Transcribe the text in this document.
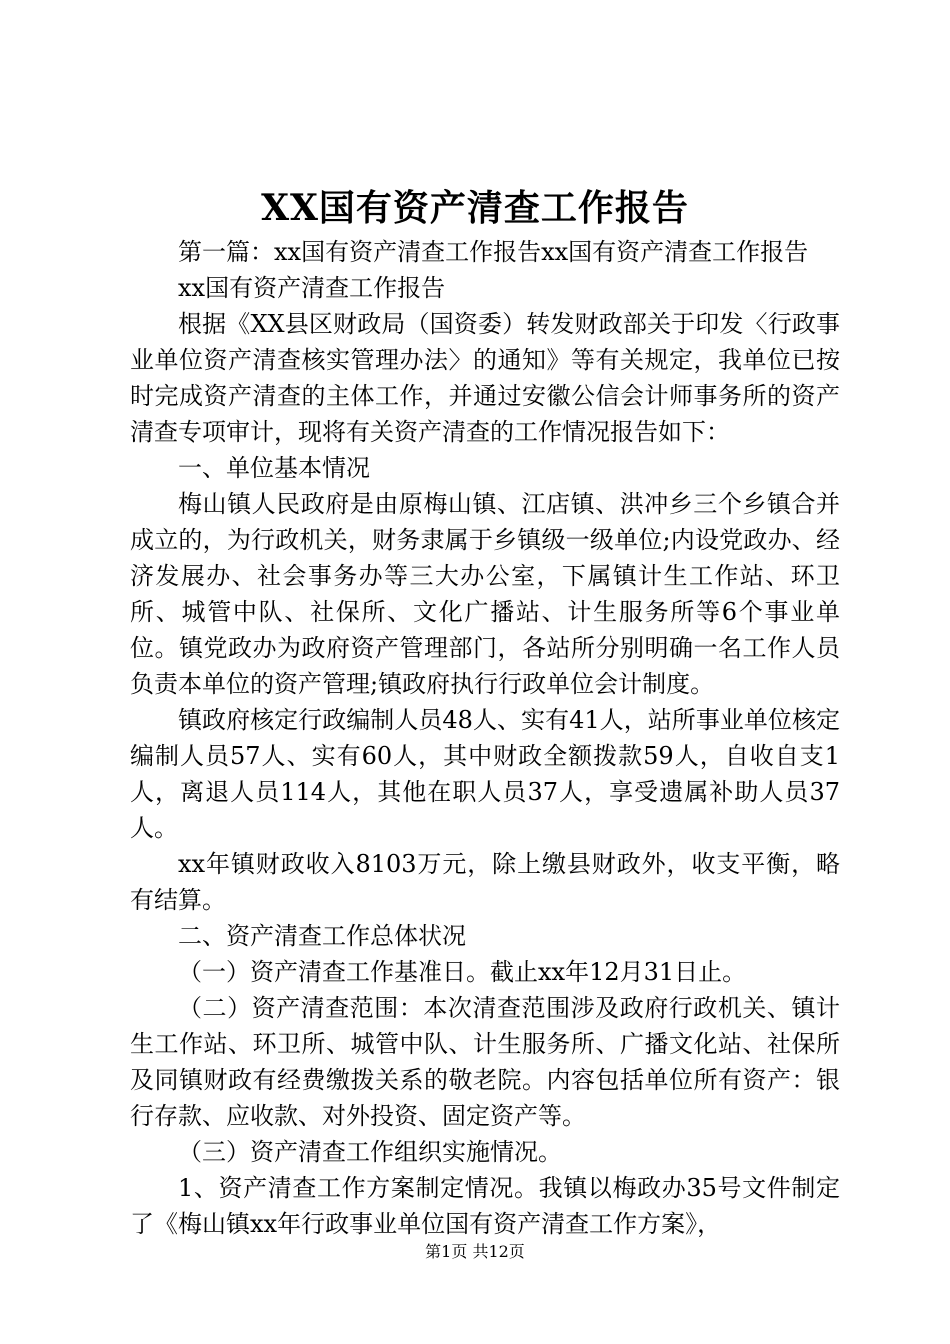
XX国有资产清查工作报告

第一篇：xx国有资产清查工作报告xx国有资产清查工作报告

xx国有资产清查工作报告

根据《XX县区财政局（国资委）转发财政部关于印发〈行政事业单位资产清查核实管理办法〉的通知》等有关规定，我单位已按时完成资产清查的主体工作，并通过安徽公信会计师事务所的资产清查专项审计，现将有关资产清查的工作情况报告如下：

一、单位基本情况

梅山镇人民政府是由原梅山镇、江店镇、洪冲乡三个乡镇合并成立的，为行政机关，财务隶属于乡镇级一级单位;内设党政办、经济发展办、社会事务办等三大办公室，下属镇计生工作站、环卫所、城管中队、社保所、文化广播站、计生服务所等6个事业单位。镇党政办为政府资产管理部门，各站所分别明确一名工作人员负责本单位的资产管理;镇政府执行行政单位会计制度。

镇政府核定行政编制人员48人、实有41人，站所事业单位核定编制人员57人、实有60人，其中财政全额拨款59人，自收自支1人，离退人员114人，其他在职人员37人，享受遗属补助人员37人。

xx年镇财政收入8103万元，除上缴县财政外，收支平衡，略有结算。

二、资产清查工作总体状况

（一）资产清查工作基准日。截止xx年12月31日止。

（二）资产清查范围：本次清查范围涉及政府行政机关、镇计生工作站、环卫所、城管中队、计生服务所、广播文化站、社保所及同镇财政有经费缴拨关系的敬老院。内容包括单位所有资产：银行存款、应收款、对外投资、固定资产等。

（三）资产清查工作组织实施情况。

1、资产清查工作方案制定情况。我镇以梅政办35号文件制定了《梅山镇xx年行政事业单位国有资产清查工作方案》，

第1页 共12页
